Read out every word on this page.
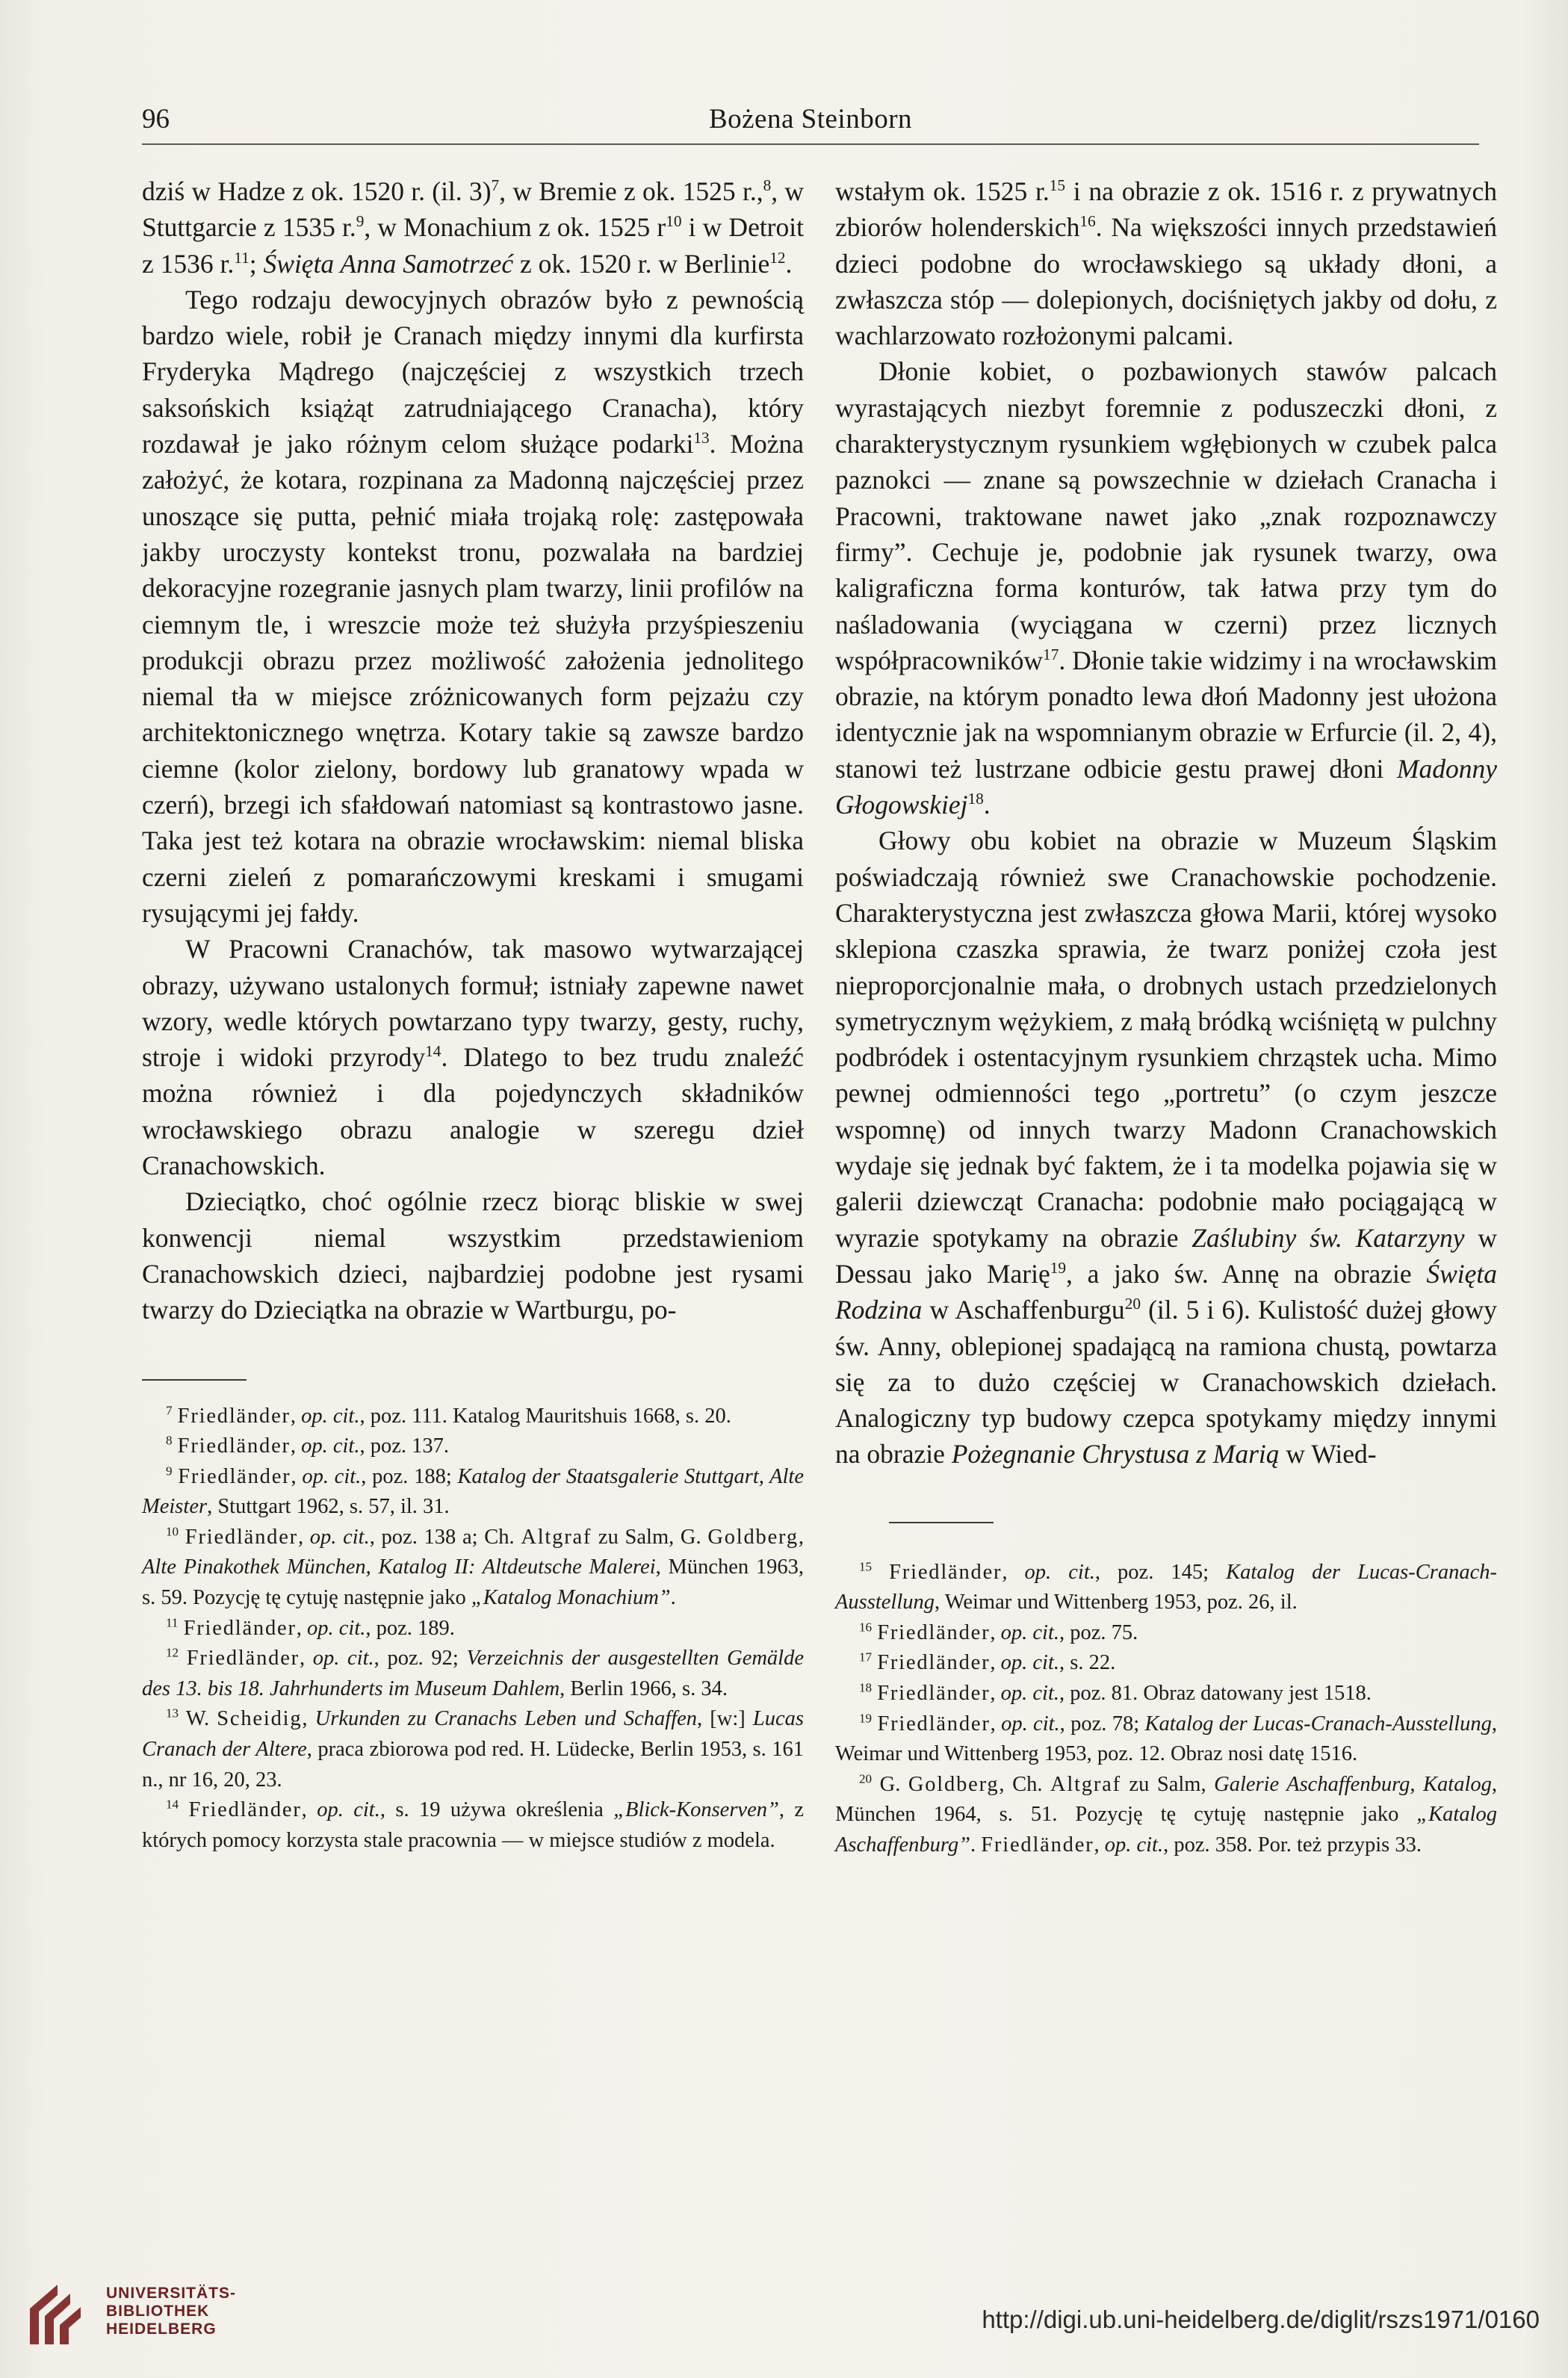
96	Bożena Steinborn

dziś w Hadze z ok. 1520 r. (il. 3)$^7$, w Bremie z ok. 1525 r.,$^8$, w Stuttgarcie z 1535 r.$^9$, w Monachium z ok. 1525 $r^{10}$ i w Detroit z 1536 r.$^{11}$; Święta Anna Samotrzeć z ok. 1520 r. w Berlinie$^{12}$.

Tego rodzaju dewocyjnych obrazów było z pewnością bardzo wiele, robił je Cranach między innymi dla kurfirsta Fryderyka Mądrego (najczęściej z wszystkich trzech saksońskich książąt zatrudniającego Cranacha), który rozdawał je jako różnym celom służące podarki$^{13}$. Można założyć, że kotara, rozpinana za Madonną najczęściej przez unoszące się putta, pełnić miała trojaką rolę: zastępowała jakby uroczysty kontekst tronu, pozwalała na bardziej dekoracyjne rozegranie jasnych plam twarzy, linii profilów na ciemnym tle, i wreszcie może też służyła przyśpieszeniu produkcji obrazu przez możliwość założenia jednolitego niemal tła w miejsce zróżnicowanych form pejzażu czy architektonicznego wnętrza. Kotary takie są zawsze bardzo ciemne (kolor zielony, bordowy lub granatowy wpada w czerń), brzegi ich sfałdowań natomiast są kontrastowo jasne. Taka jest też kotara na obrazie wrocławskim: niemal bliska czerni zieleń z pomarańczowymi kreskami i smugami rysującymi jej fałdy.

W Pracowni Cranachów, tak masowo wytwarzającej obrazy, używano ustalonych formuł; istniały zapewne nawet wzory, wedle których powtarzano typy twarzy, gesty, ruchy, stroje i widoki przyrody$^{14}$. Dlatego to bez trudu znaleźć można również i dla pojedynczych składników wrocławskiego obrazu analogie w szeregu dzieł Cranachowskich.

Dzieciątko, choć ogólnie rzecz biorąc bliskie w swej konwencji niemal wszystkim przedstawieniom Cranachowskich dzieci, najbardziej podobne jest rysami twarzy do Dzieciątka na obrazie w Wartburgu, po-

$^7$ Friedländer, op. cit., poz. 111. Katalog Mauritshuis 1668, s. 20.

$^8$ Friedländer, op. cit., poz. 137.

$^9$ Friedländer, op. cit., poz. 188; Katalog der Staatsgalerie Stuttgart, Alte Meister, Stuttgart 1962, s. 57, il. 31.

$^{10}$ Friedländer, op. cit., poz. 138 a; Ch. Altgraf zu Salm, G. Goldberg, Alte Pinakothek München, Katalog II: Altdeutsche Malerei, München 1963, s. 59. Pozycję tę cytuję następnie jako „Katalog Monachium”.

$^{11}$ Friedländer, op. cit., poz. 189.

$^{12}$ Friedländer, op. cit., poz. 92; Verzeichnis der ausgestellten Gemälde des 13. bis 18. Jahrhunderts im Museum Dahlem, Berlin 1966, s. 34.

$^{13}$ W. Scheidig, Urkunden zu Cranachs Leben und Schaffen, [w:] Lucas Cranach der Altere, praca zbiorowa pod red. H. Lüdecke, Berlin 1953, s. 161 n., nr 16, 20, 23.

$^{14}$ Friedländer, op. cit., s. 19 używa określenia „Blick-Konserven”, z których pomocy korzysta stale pracownia — w miejsce studiów z modela.

wstałym ok. 1525 r.$^{15}$ i na obrazie z ok. 1516 r. z prywatnych zbiorów holenderskich$^{16}$. Na większości innych przedstawień dzieci podobne do wrocławskiego są układy dłoni, a zwłaszcza stóp — dolepionych, dociśniętych jakby od dołu, z wachlarzowato rozłożonymi palcami.

Dłonie kobiet, o pozbawionych stawów palcach wyrastających niezbyt foremnie z poduszeczki dłoni, z charakterystycznym rysunkiem wgłębionych w czubek palca paznokci — znane są powszechnie w dziełach Cranacha i Pracowni, traktowane nawet jako „znak rozpoznawczy firmy”. Cechuje je, podobnie jak rysunek twarzy, owa kaligraficzna forma konturów, tak łatwa przy tym do naśladowania (wyciągana w czerni) przez licznych współpracowników$^{17}$. Dłonie takie widzimy i na wrocławskim obrazie, na którym ponadto lewa dłoń Madonny jest ułożona identycznie jak na wspomnianym obrazie w Erfurcie (il. 2, 4), stanowi też lustrzane odbicie gestu prawej dłoni Madonny Głogowskiej$^{18}$.

Głowy obu kobiet na obrazie w Muzeum Śląskim poświadczają również swe Cranachowskie pochodzenie. Charakterystyczna jest zwłaszcza głowa Marii, której wysoko sklepiona czaszka sprawia, że twarz poniżej czoła jest nieproporcjonalnie mała, o drobnych ustach przedzielonych symetrycznym wężykiem, z małą bródką wciśniętą w pulchny podbródek i ostentacyjnym rysunkiem chrząstek ucha. Mimo pewnej odmienności tego „portretu” (o czym jeszcze wspomnę) od innych twarzy Madonn Cranachowskich wydaje się jednak być faktem, że i ta modelka pojawia się w galerii dziewcząt Cranacha: podobnie mało pociągającą w wyrazie spotykamy na obrazie Zaślubiny św. Katarzyny w Dessau jako Marię$^{19}$, a jako św. Annę na obrazie Święta Rodzina w Aschaffenburgu$^{20}$ (il. 5 i 6). Kulistość dużej głowy św. Anny, oblepionej spadającą na ramiona chustą, powtarza się za to dużo częściej w Cranachowskich dziełach. Analogiczny typ budowy czepca spotykamy między innymi na obrazie Pożegnanie Chrystusa z Marią w Wied-

$^{15}$ Friedländer, op. cit., poz. 145; Katalog der Lucas-Cranach-Ausstellung, Weimar und Wittenberg 1953, poz. 26, il.

$^{16}$ Friedländer, op. cit., poz. 75.

$^{17}$ Friedländer, op. cit., s. 22.

$^{18}$ Friedländer, op. cit., poz. 81. Obraz datowany jest 1518.

$^{19}$ Friedländer, op. cit., poz. 78; Katalog der Lucas-Cranach-Ausstellung, Weimar und Wittenberg 1953, poz. 12. Obraz nosi datę 1516.

$^{20}$ G. Goldberg, Ch. Altgraf zu Salm, Galerie Aschaffenburg, Katalog, München 1964, s. 51. Pozycję tę cytuję następnie jako „Katalog Aschaffenburg”. Friedländer, op. cit., poz. 358. Por. też przypis 33.

UNIVERSITÄTS-
BIBLIOTHEK
HEIDELBERG	http://digi.ub.uni-heidelberg.de/diglit/rszs1971/0160
